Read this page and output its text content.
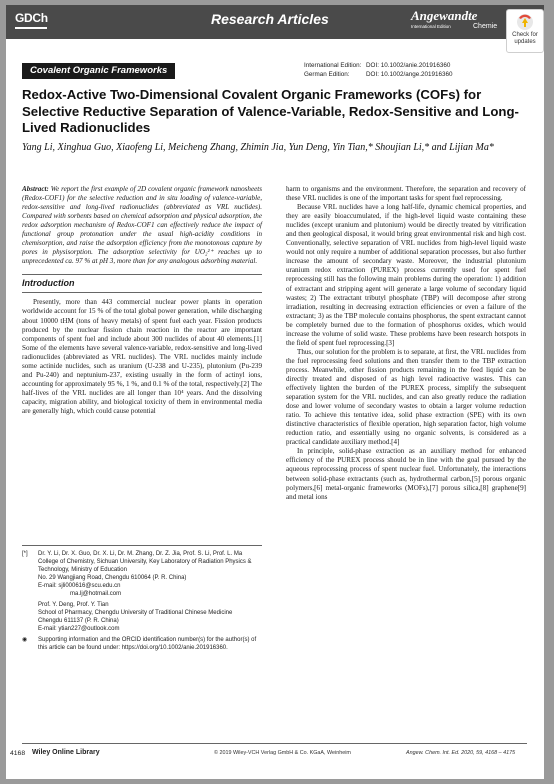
GDCh	Research Articles	Angewandte
International Edition	Chemie
Check for updates
Covalent Organic Frameworks	International Edition: DOI: 10.1002/anie.201916360
German Edition:	DOI: 10.1002/ange.201916360
Redox-Active Two-Dimensional Covalent Organic Frameworks (COFs) for Selective Reductive Separation of Valence-Variable, Redox-Sensitive and Long-Lived Radionuclides
Yang Li, Xinghua Guo, Xiaofeng Li, Meicheng Zhang, Zhimin Jia, Yun Deng, Yin Tian,* Shoujian Li,* and Lijian Ma*

Abstract: We report the first example of 2D covalent organic framework nanosheets (Redox-COF1) for the selective reduction and in situ loading of valence-variable, redox-sensitive and long-lived radionuclides (abbreviated as VRL nuclides). Compared with sorbents based on chemical adsorption and physical adsorption, the redox adsorption mechanism of Redox-COF1 can effectively reduce the impact of functional group protonation under the usual high-acidity conditions in chemisorption, and raise the adsorption efficiency from the monotonous capture by pores in physisorption. The adsorption selectivity for UO₂²⁺ reaches up to unprecedented ca. 97 % at pH 3, more than for any analogous adsorbing material.

Introduction

Presently, more than 443 commercial nuclear power plants in operation worldwide account for 15 % of the total global power generation, while discharging about 10000 tHM (tons of heavy metals) of spent fuel each year. Fission products produced by the nuclear fission chain reaction in the reactor are important components of spent fuel and include about 300 nuclides of about 40 elements.[1] Some of the elements have several valence-variable, redox-sensitive and long-lived radionuclides (abbreviated as VRL nuclides). The VRL nuclides mainly include some actinide nuclides, such as uranium (U-238 and U-235), plutonium (Pu-239 and Pu-240) and neptunium-237, existing usually in the form of actinyl ions, accounting for approximately 95 %, 1 %, and 0.1 % of the total, respectively.[2] The half-lives of the VRL nuclides are all longer than 10⁴ years. And the dissolving capacity, migration ability, and biological toxicity of them in environmental media are generally high, which could cause potential

harm to organisms and the environment. Therefore, the separation and recovery of these VRL nuclides is one of the important tasks for spent fuel reprocessing.

Because VRL nuclides have a long half-life, dynamic chemical properties, and they are easily bioaccumulated, if the high-level liquid waste containing these nuclides (except uranium and plutonium) would be directly treated by vitrification and then geological disposal, it would bring great environmental risk and high cost. Conventionally, selective separation of VRL nuclides from high-level liquid waste would not only require a number of additional separation processes, but also further increase the amount of secondary waste. Moreover, the industrial plutonium uranium redox extraction (PUREX) process currently used for spent fuel reprocessing still has the following main problems during the operation: 1) addition of extractant and stripping agent will generate a large volume of secondary liquid wastes; 2) The extractant tributyl phosphate (TBP) will decompose after strong irradiation, resulting in decreasing extraction efficiencies or even a failure of the extractant; 3) as the TBP molecule contains phosphorus, the spent extractant cannot be completely burned due to the formation of phosphorus oxides, which would increase the volume of solid waste. These problems have been research hotspots in the field of spent fuel reprocessing.[3]

Thus, our solution for the problem is to separate, at first, the VRL nuclides from the fuel reprocessing feed solutions and then transfer them to the TBP extraction process. Meanwhile, other fission products remaining in the feed liquid can be directly treated and disposed of as high level radioactive wastes. This can effectively lighten the burden of the PUREX process, simplify the subsequent separation system for the VRL nuclides, and can also greatly reduce the radiation dose and lower volume of secondary wastes to obtain a larger volume reduction ratio. To achieve this tentative idea, solid phase extraction (SPE) with its own distinctive characteristics of flexible operation, high separation factor, high volume reduction ratio, and essentially using no organic solvents, is considered as a practical candidate auxiliary method.[4]

In principle, solid-phase extraction as an auxiliary method for enhanced efficiency of the PUREX process should be in line with the goal pursued by the aqueous reprocessing process of spent nuclear fuel. Unfortunately, the interactions between solid-phase extractants (such as, hydrothermal carbon,[5] porous organic polymers,[6] metal-organic frameworks (MOFs),[7] porous silica,[8] graphene[9] and metal ions

[*]	Dr. Y. Li, Dr. X. Guo, Dr. X. Li, Dr. M. Zhang, Dr. Z. Jia, Prof. S. Li, Prof. L. Ma
College of Chemistry, Sichuan University, Key Laboratory of Radiation Physics & Technology, Ministry of Education
No. 29 Wangjiang Road, Chengdu 610064 (P. R. China)
E-mail: sjli000616@scu.edu.cn
ma.lj@hotmail.com
Prof. Y. Deng, Prof. Y. Tian
School of Pharmacy, Chengdu University of Traditional Chinese Medicine
Chengdu 611137 (P. R. China)
E-mail: ytian227@outlook.com
◉	Supporting information and the ORCID identification number(s) for the author(s) of this article can be found under: https://doi.org/10.1002/anie.201916360.
4168 Wiley Online Library	© 2019 Wiley-VCH Verlag GmbH & Co. KGaA, Weinheim	Angew. Chem. Int. Ed. 2020, 59, 4168 – 4175
